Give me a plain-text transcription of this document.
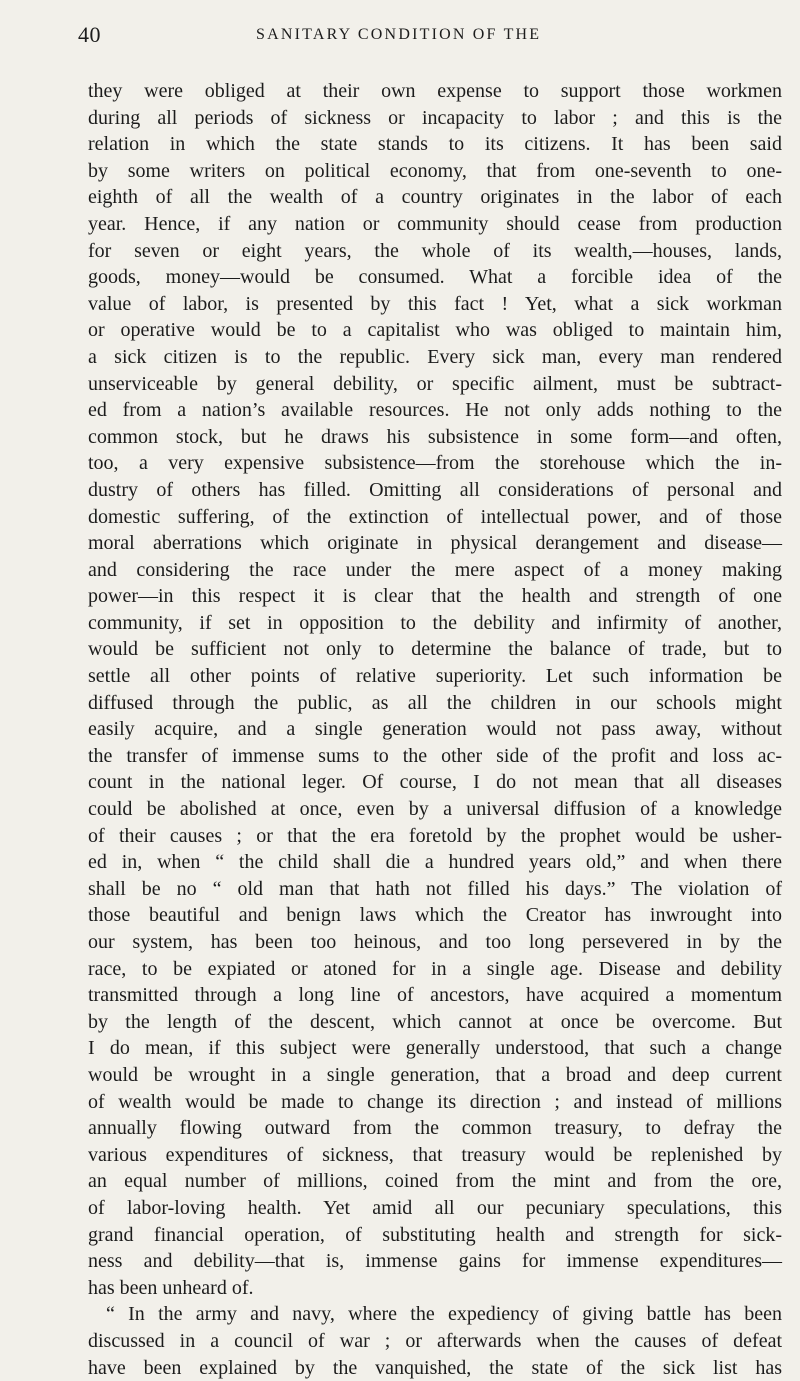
40	SANITARY CONDITION OF THE
they were obliged at their own expense to support those workmen
during all periods of sickness or incapacity to labor ; and this is the
relation in which the state stands to its citizens. It has been said
by some writers on political economy, that from one-seventh to one-
eighth of all the wealth of a country originates in the labor of each
year. Hence, if any nation or community should cease from production
for seven or eight years, the whole of its wealth,—houses, lands,
goods, money—would be consumed. What a forcible idea of the
value of labor, is presented by this fact ! Yet, what a sick workman
or operative would be to a capitalist who was obliged to maintain him,
a sick citizen is to the republic. Every sick man, every man rendered
unserviceable by general debility, or specific ailment, must be subtract-
ed from a nation’s available resources. He not only adds nothing to the
common stock, but he draws his subsistence in some form—and often,
too, a very expensive subsistence—from the storehouse which the in-
dustry of others has filled. Omitting all considerations of personal and
domestic suffering, of the extinction of intellectual power, and of those
moral aberrations which originate in physical derangement and disease—
and considering the race under the mere aspect of a money making
power—in this respect it is clear that the health and strength of one
community, if set in opposition to the debility and infirmity of another,
would be sufficient not only to determine the balance of trade, but to
settle all other points of relative superiority. Let such information be
diffused through the public, as all the children in our schools might
easily acquire, and a single generation would not pass away, without
the transfer of immense sums to the other side of the profit and loss ac-
count in the national leger. Of course, I do not mean that all diseases
could be abolished at once, even by a universal diffusion of a knowledge
of their causes ; or that the era foretold by the prophet would be usher-
ed in, when “ the child shall die a hundred years old,” and when there
shall be no “ old man that hath not filled his days.” The violation of
those beautiful and benign laws which the Creator has inwrought into
our system, has been too heinous, and too long persevered in by the
race, to be expiated or atoned for in a single age. Disease and debility
transmitted through a long line of ancestors, have acquired a momentum
by the length of the descent, which cannot at once be overcome. But
I do mean, if this subject were generally understood, that such a change
would be wrought in a single generation, that a broad and deep current
of wealth would be made to change its direction ; and instead of millions
annually flowing outward from the common treasury, to defray the
various expenditures of sickness, that treasury would be replenished by
an equal number of millions, coined from the mint and from the ore,
of labor-loving health. Yet amid all our pecuniary speculations, this
grand financial operation, of substituting health and strength for sick-
ness and debility—that is, immense gains for immense expenditures—
has been unheard of.
“ In the army and navy, where the expediency of giving battle has been
discussed in a council of war ; or afterwards when the causes of defeat
have been explained by the vanquished, the state of the sick list has
